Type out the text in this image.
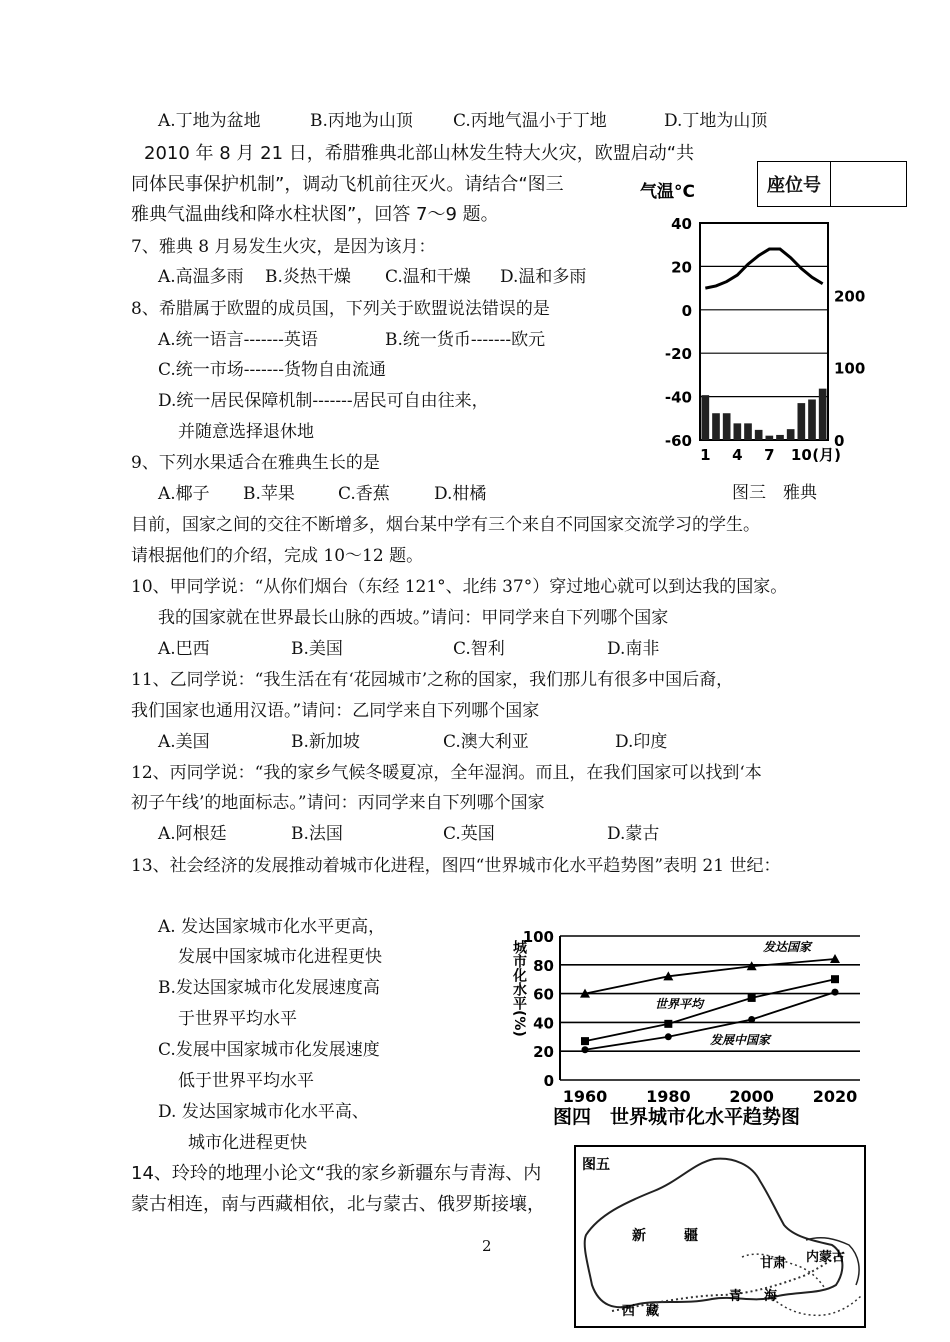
A.丁地为盆地	B.丙地为山顶 C.丙地气温小于丁地	D.丁地为山顶
2010 年 8 月 21 日，希腊雅典北部山林发生特大火灾，欧盟启动“共
同体民事保护机制”，调动飞机前往灭火。请结合“图三
雅典气温曲线和降水柱状图”，回答 7～9 题。
座位号
气温°C
40
20
0
-20
-40
-60
200
100
0
1 4 7 10 (月)
图三　雅典
7、雅典 8 月易发生火灾，是因为该月：
A.高温多雨 B.炎热干燥 C.温和干燥 D.温和多雨
8、希腊属于欧盟的成员国，下列关于欧盟说法错误的是
A.统一语言-------英语	B.统一货币-------欧元
C.统一市场-------货物自由流通
D.统一居民保障机制-------居民可自由往来，
并随意选择退休地
9、下列水果适合在雅典生长的是
A.椰子 B.苹果	C.香蕉	D.柑橘
目前，国家之间的交往不断增多，烟台某中学有三个来自不同国家交流学习的学生。
请根据他们的介绍，完成 10～12 题。
10、甲同学说：“从你们烟台（东经 121°、北纬 37°）穿过地心就可以到达我的国家。
我的国家就在世界最长山脉的西坡。”请问：甲同学来自下列哪个国家
A.巴西	B.美国	C.智利	D.南非
11、乙同学说：“我生活在有‘花园城市’之称的国家，我们那儿有很多中国后裔，
我们国家也通用汉语。”请问：乙同学来自下列哪个国家
A.美国	B.新加坡	C.澳大利亚	D.印度
12、丙同学说：“我的家乡气候冬暖夏凉，全年湿润。而且，在我们国家可以找到‘本
初子午线’的地面标志。”请问：丙同学来自下列哪个国家
A.阿根廷	B.法国	C.英国	D.蒙古
13、社会经济的发展推动着城市化进程，图四“世界城市化水平趋势图”表明 21 世纪：
A. 发达国家城市化水平更高，
发展中国家城市化进程更快
B.发达国家城市化发展速度高
于世界平均水平
C.发展中国家城市化发展速度
低于世界平均水平
D. 发达国家城市化水平高、
城市化进程更快
100
80
60
40
20
0
城市化水平(%)
1960 1980 2000 2020
发达国家
世界平均
发展中国家
图四　世界城市化水平趋势图
14、玲玲的地理小论文“我的家乡新疆东与青海、内
蒙古相连，南与西藏相依，北与蒙古、俄罗斯接壤，
图五
新	疆
甘肃 内蒙古
青 海
西 藏
2
